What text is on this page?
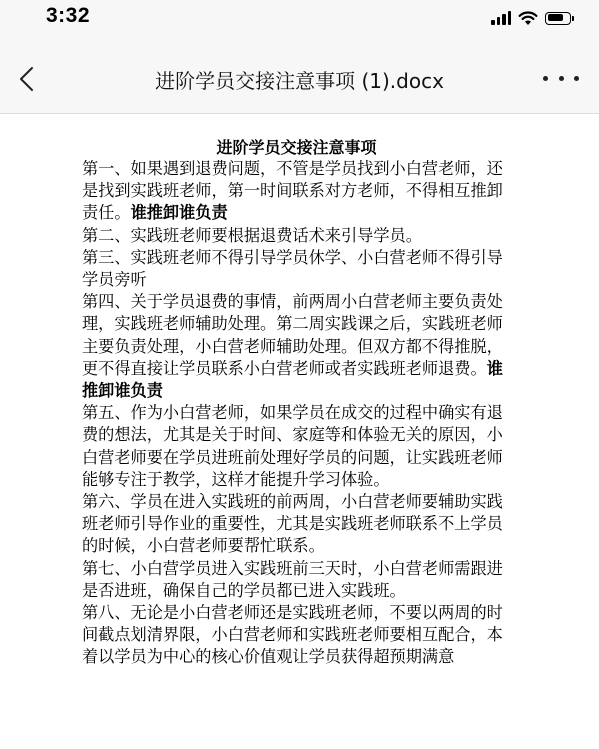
3:32
进阶学员交接注意事项 (1).docx
进阶学员交接注意事项

第一、如果遇到退费问题，不管是学员找到小白营老师，还是找到实践班老师，第一时间联系对方老师，不得相互推卸责任。谁推卸谁负责

第二、实践班老师要根据退费话术来引导学员。

第三、实践班老师不得引导学员休学、小白营老师不得引导学员旁听

第四、关于学员退费的事情，前两周小白营老师主要负责处理，实践班老师辅助处理。第二周实践课之后，实践班老师主要负责处理，小白营老师辅助处理。但双方都不得推脱，更不得直接让学员联系小白营老师或者实践班老师退费。谁推卸谁负责

第五、作为小白营老师，如果学员在成交的过程中确实有退费的想法，尤其是关于时间、家庭等和体验无关的原因，小白营老师要在学员进班前处理好学员的问题，让实践班老师能够专注于教学，这样才能提升学习体验。

第六、学员在进入实践班的前两周，小白营老师要辅助实践班老师引导作业的重要性，尤其是实践班老师联系不上学员的时候，小白营老师要帮忙联系。

第七、小白营学员进入实践班前三天时，小白营老师需跟进是否进班，确保自己的学员都已进入实践班。

第八、无论是小白营老师还是实践班老师，不要以两周的时间截点划清界限，小白营老师和实践班老师要相互配合，本着以学员为中心的核心价值观让学员获得超预期满意
